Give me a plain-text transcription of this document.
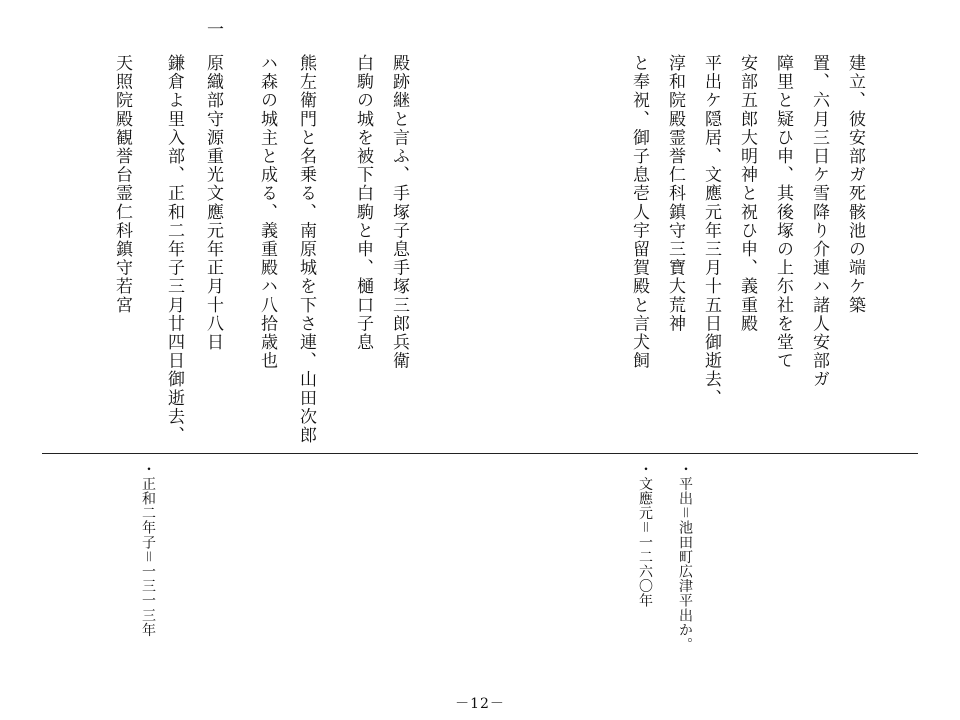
建立、彼安部ガ死骸池の端ケ築
置、六月三日ケ雪降り介連ハ諸人安部ガ
障里と疑ひ申、其後塚の上尓社を堂て
安部五郎大明神と祝ひ申、義重殿
平出ケ隠居、文應元年三月十五日御逝去、
淳和院殿霊誉仁科鎮守三寶大荒神
と奉祝、御子息壱人宇留賀殿と言犬飼
殿跡継と言ふ、手塚子息手塚三郎兵衛
白駒の城を被下白駒と申、樋口子息
熊左衛門と名乗る、南原城を下さ連、山田次郎
ハ森の城主と成る、義重殿ハ八拾歳也
一
原織部守源重光文應元年正月十八日
鎌倉よ里入部、正和二年子三月廿四日御逝去、
天照院殿観誉台霊仁科鎮守若宮
・平出＝池田町広津平出か。
・文應元＝一二六〇年
・正和二年子＝一三一三年
－12－
